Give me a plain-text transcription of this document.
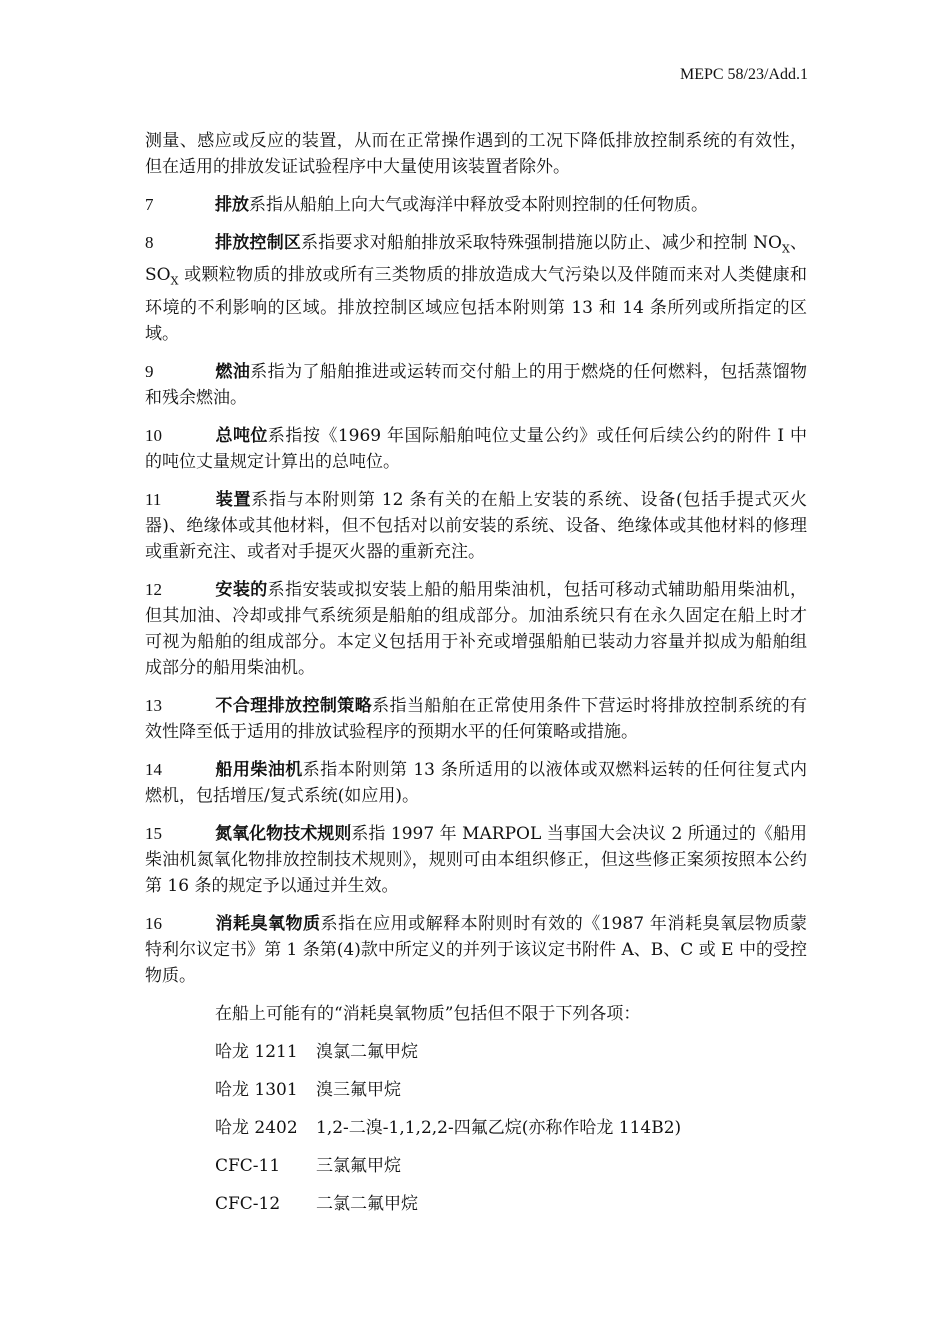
MEPC 58/23/Add.1

测量、感应或反应的装置，从而在正常操作遇到的工况下降低排放控制系统的有效性，但在适用的排放发证试验程序中大量使用该装置者除外。

7	排放系指从船舶上向大气或海洋中释放受本附则控制的任何物质。

8	排放控制区系指要求对船舶排放采取特殊强制措施以防止、减少和控制 $NO_X$、$SO_X$ 或颗粒物质的排放或所有三类物质的排放造成大气污染以及伴随而来对人类健康和环境的不利影响的区域。排放控制区域应包括本附则第 13 和 14 条所列或所指定的区域。

9	燃油系指为了船舶推进或运转而交付船上的用于燃烧的任何燃料，包括蒸馏物和残余燃油。

10	总吨位系指按《1969 年国际船舶吨位丈量公约》或任何后续公约的附件 I 中的吨位丈量规定计算出的总吨位。

11	装置系指与本附则第 12 条有关的在船上安装的系统、设备(包括手提式灭火器)、绝缘体或其他材料，但不包括对以前安装的系统、设备、绝缘体或其他材料的修理或重新充注、或者对手提灭火器的重新充注。

12	安装的系指安装或拟安装上船的船用柴油机，包括可移动式辅助船用柴油机，但其加油、冷却或排气系统须是船舶的组成部分。加油系统只有在永久固定在船上时才可视为船舶的组成部分。本定义包括用于补充或增强船舶已装动力容量并拟成为船舶组成部分的船用柴油机。

13	不合理排放控制策略系指当船舶在正常使用条件下营运时将排放控制系统的有效性降至低于适用的排放试验程序的预期水平的任何策略或措施。

14	船用柴油机系指本附则第 13 条所适用的以液体或双燃料运转的任何往复式内燃机，包括增压/复式系统(如应用)。

15	氮氧化物技术规则系指 1997 年 MARPOL 当事国大会决议 2 所通过的《船用柴油机氮氧化物排放控制技术规则》，规则可由本组织修正，但这些修正案须按照本公约第 16 条的规定予以通过并生效。

16	消耗臭氧物质系指在应用或解释本附则时有效的《1987 年消耗臭氧层物质蒙特利尔议定书》第 1 条第(4)款中所定义的并列于该议定书附件 A、B、C 或 E 中的受控物质。

在船上可能有的“消耗臭氧物质”包括但不限于下列各项：
哈龙 1211	溴氯二氟甲烷
哈龙 1301	溴三氟甲烷
哈龙 2402	1,2-二溴-1,1,2,2-四氟乙烷(亦称作哈龙 114B2)
CFC-11	三氯氟甲烷
CFC-12	二氯二氟甲烷
